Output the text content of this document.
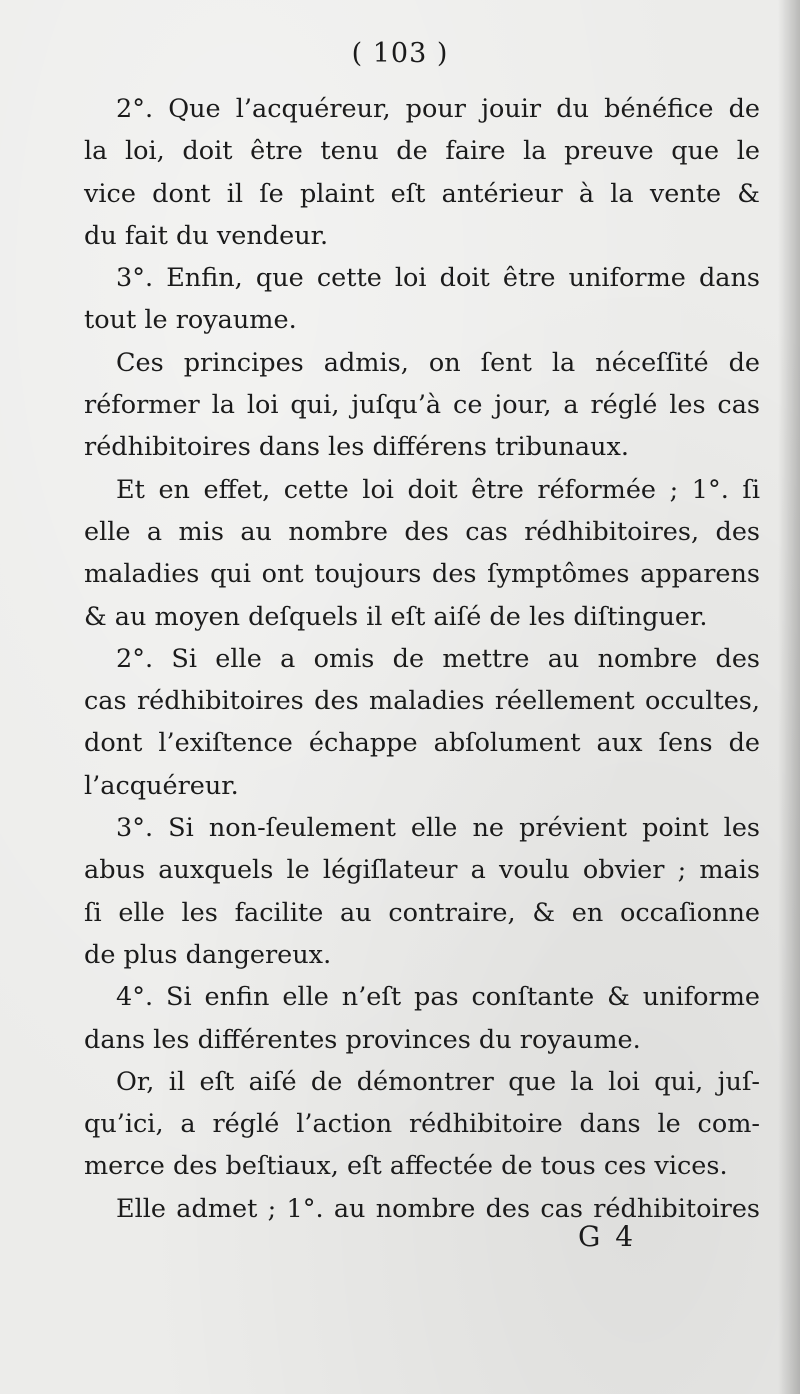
( 103 )
2°. Que l’acquéreur, pour jouir du bénéfice de
la loi, doit être tenu de faire la preuve que le
vice dont il ſe plaint eſt antérieur à la vente &
du fait du vendeur.
3°. Enfin, que cette loi doit être uniforme dans
tout le royaume.
Ces principes admis, on ſent la néceſſité de
réformer la loi qui, juſqu’à ce jour, a réglé les cas
rédhibitoires dans les différens tribunaux.
Et en effet, cette loi doit être réformée ; 1°. ſi
elle a mis au nombre des cas rédhibitoires, des
maladies qui ont toujours des ſymptômes apparens
& au moyen deſquels il eſt aiſé de les diſtinguer.
2°. Si elle a omis de mettre au nombre des
cas rédhibitoires des maladies réellement occultes,
dont l’exiſtence échappe abſolument aux ſens de
l’acquéreur.
3°. Si non-ſeulement elle ne prévient point les
abus auxquels le légiſlateur a voulu obvier ; mais
ſi elle les facilite au contraire, & en occaſionne
de plus dangereux.
4°. Si enfin elle n’eſt pas conſtante & uniforme
dans les différentes provinces du royaume.
Or, il eſt aiſé de démontrer que la loi qui, juſ-
qu’ici, a réglé l’action rédhibitoire dans le com-
merce des beſtiaux, eſt affectée de tous ces vices.
Elle admet ; 1°. au nombre des cas rédhibitoires
G 4
